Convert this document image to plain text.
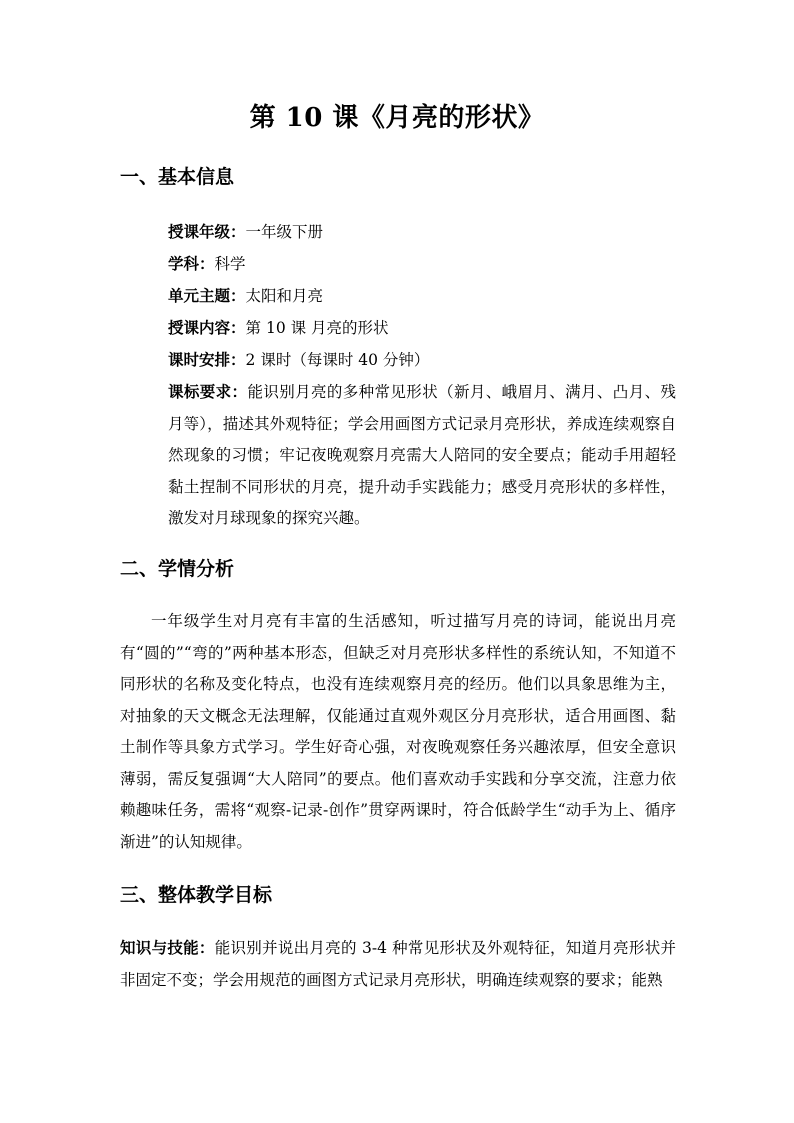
第 10 课《月亮的形状》
一、基本信息
授课年级：一年级下册
学科：科学
单元主题：太阳和月亮
授课内容：第 10 课 月亮的形状
课时安排：2 课时（每课时 40 分钟）
课标要求：能识别月亮的多种常见形状（新月、峨眉月、满月、凸月、残月等），描述其外观特征；学会用画图方式记录月亮形状，养成连续观察自然现象的习惯；牢记夜晚观察月亮需大人陪同的安全要点；能动手用超轻黏土捏制不同形状的月亮，提升动手实践能力；感受月亮形状的多样性，激发对月球现象的探究兴趣。
二、学情分析
一年级学生对月亮有丰富的生活感知，听过描写月亮的诗词，能说出月亮有“圆的”“弯的”两种基本形态，但缺乏对月亮形状多样性的系统认知，不知道不同形状的名称及变化特点，也没有连续观察月亮的经历。他们以具象思维为主，对抽象的天文概念无法理解，仅能通过直观外观区分月亮形状，适合用画图、黏土制作等具象方式学习。学生好奇心强，对夜晚观察任务兴趣浓厚，但安全意识薄弱，需反复强调“大人陪同”的要点。他们喜欢动手实践和分享交流，注意力依赖趣味任务，需将“观察-记录-创作”贯穿两课时，符合低龄学生“动手为上、循序渐进”的认知规律。
三、整体教学目标
知识与技能：能识别并说出月亮的 3-4 种常见形状及外观特征，知道月亮形状并非固定不变；学会用规范的画图方式记录月亮形状，明确连续观察的要求；能熟
